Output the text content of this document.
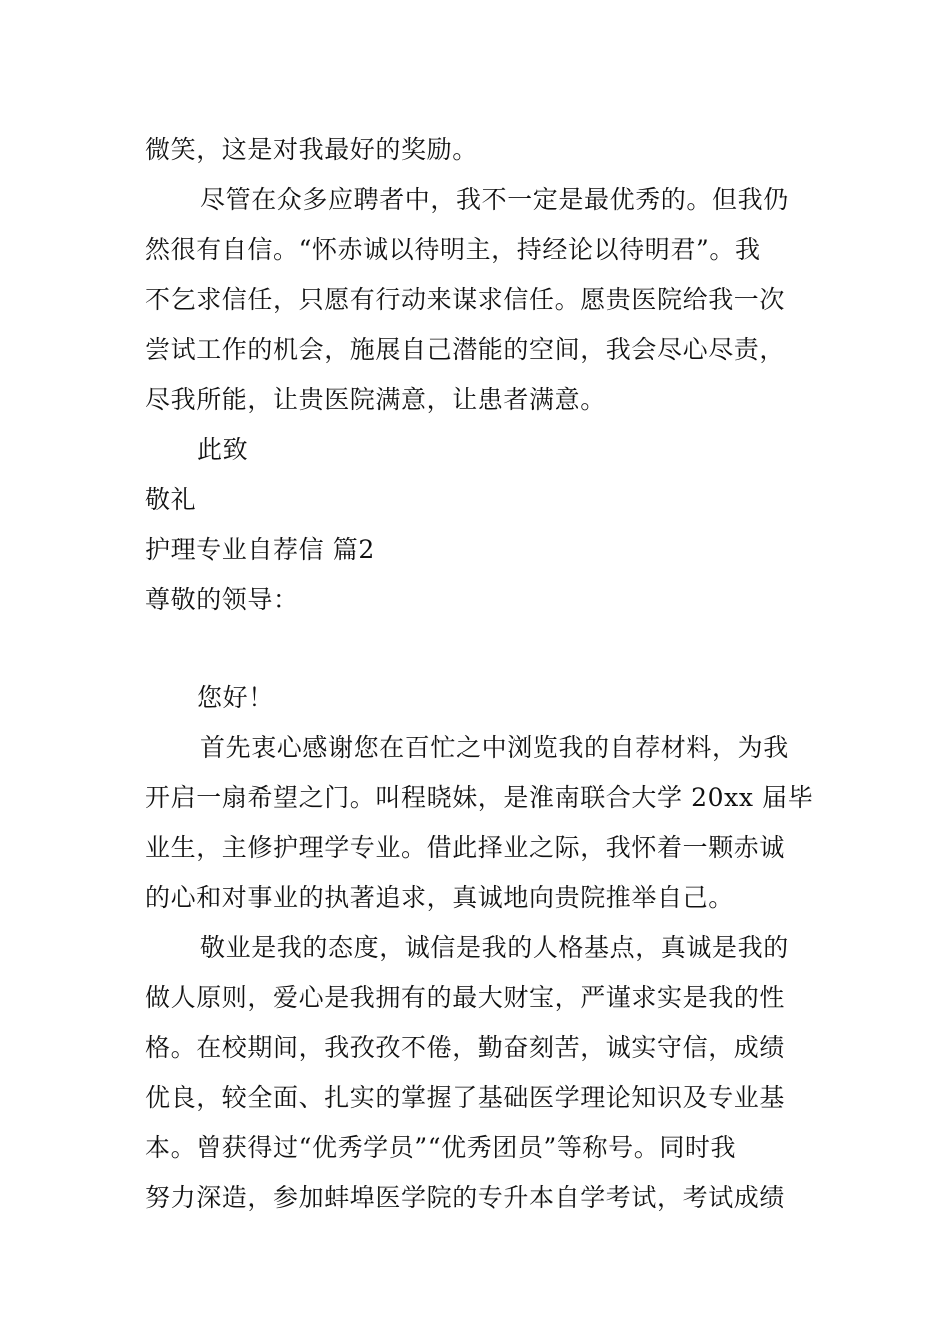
微笑，这是对我最好的奖励。
尽管在众多应聘者中，我不一定是最优秀的。但我仍
然很有自信。“怀赤诚以待明主，持经论以待明君”。我
不乞求信任，只愿有行动来谋求信任。愿贵医院给我一次
尝试工作的机会，施展自己潜能的空间，我会尽心尽责，
尽我所能，让贵医院满意，让患者满意。
此致
敬礼
护理专业自荐信 篇2
尊敬的领导：
您好！
首先衷心感谢您在百忙之中浏览我的自荐材料，为我
开启一扇希望之门。叫程晓妹，是淮南联合大学 20xx 届毕
业生，主修护理学专业。借此择业之际，我怀着一颗赤诚
的心和对事业的执著追求，真诚地向贵院推举自己。
敬业是我的态度，诚信是我的人格基点，真诚是我的
做人原则，爱心是我拥有的最大财宝，严谨求实是我的性
格。在校期间，我孜孜不倦，勤奋刻苦，诚实守信，成绩
优良，较全面、扎实的掌握了基础医学理论知识及专业基
本。曾获得过“优秀学员”“优秀团员”等称号。同时我
努力深造，参加蚌埠医学院的专升本自学考试，考试成绩
